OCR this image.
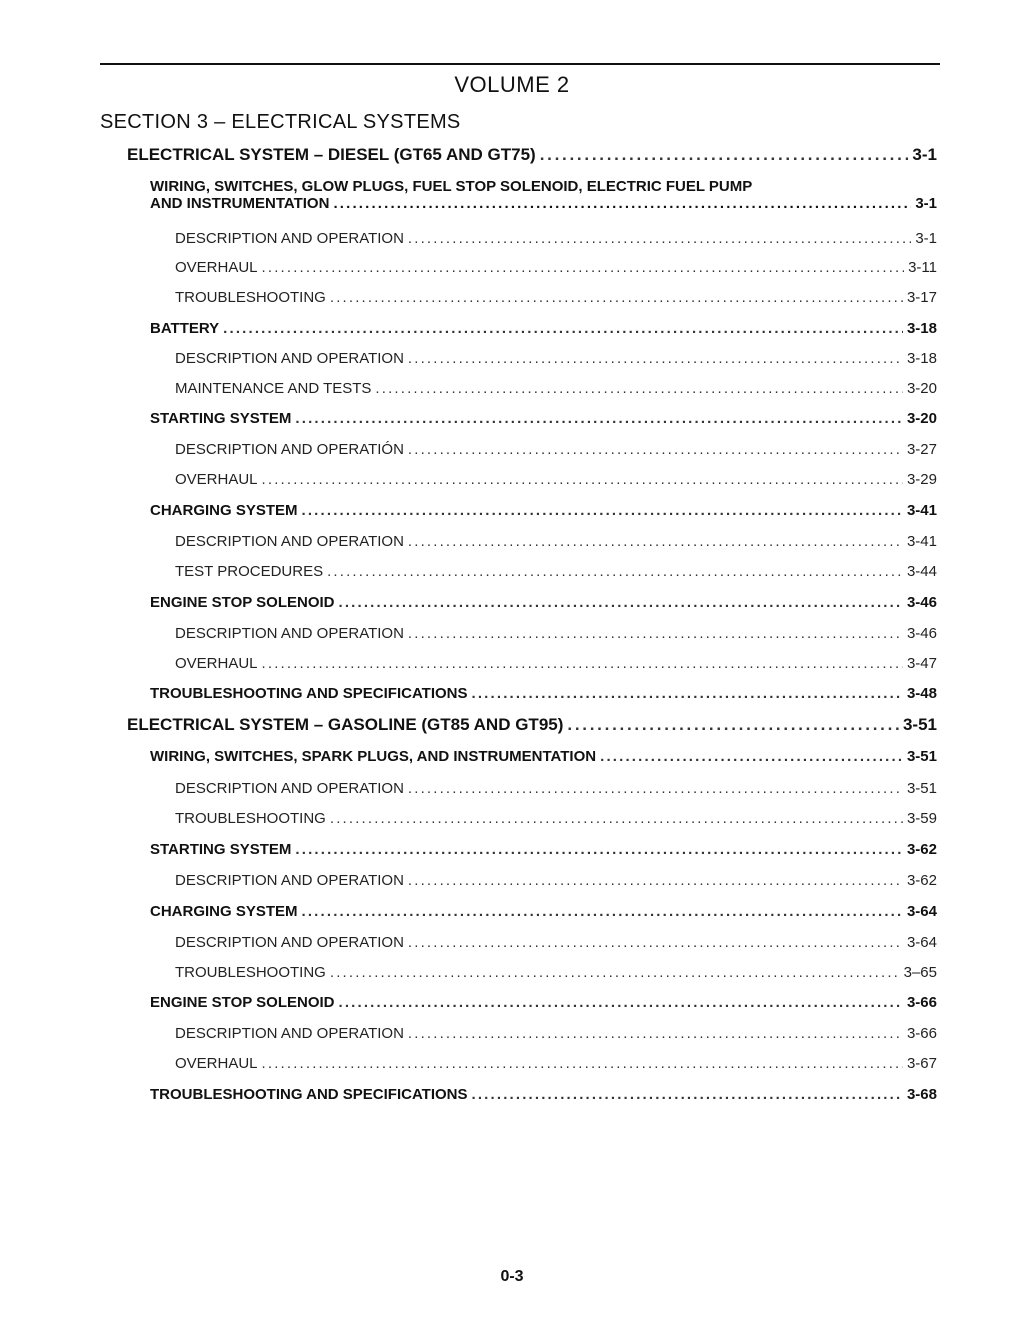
VOLUME 2
SECTION 3 – ELECTRICAL SYSTEMS
ELECTRICAL SYSTEM – DIESEL (GT65 AND GT75) . . .	3-1
WIRING, SWITCHES, GLOW PLUGS, FUEL STOP SOLENOID, ELECTRIC FUEL PUMP
AND INSTRUMENTATION . . .	3-1
DESCRIPTION AND OPERATION . . .	3-1
OVERHAUL . . .	3-11
TROUBLESHOOTING . . .	3-17
BATTERY . . .	3-18
DESCRIPTION AND OPERATION . . .	3-18
MAINTENANCE AND TESTS . . .	3-20
STARTING SYSTEM . . .	3-20
DESCRIPTION AND OPERATIÓN . . .	3-27
OVERHAUL . . .	3-29
CHARGING SYSTEM . . .	3-41
DESCRIPTION AND OPERATION . . .	3-41
TEST PROCEDURES . . .	3-44
ENGINE STOP SOLENOID . . .	3-46
DESCRIPTION AND OPERATION . . .	3-46
OVERHAUL . . .	3-47
TROUBLESHOOTING AND SPECIFICATIONS . . .	3-48
ELECTRICAL SYSTEM – GASOLINE (GT85 AND GT95) . . .	3-51
WIRING, SWITCHES, SPARK PLUGS, AND INSTRUMENTATION . . .	3-51
DESCRIPTION AND OPERATION . . .	3-51
TROUBLESHOOTING . . .	3-59
STARTING SYSTEM . . .	3-62
DESCRIPTION AND OPERATION . . .	3-62
CHARGING SYSTEM . . .	3-64
DESCRIPTION AND OPERATION . . .	3-64
TROUBLESHOOTING . . .	3–65
ENGINE STOP SOLENOID . . .	3-66
DESCRIPTION AND OPERATION . . .	3-66
OVERHAUL . . .	3-67
TROUBLESHOOTING AND SPECIFICATIONS . . .	3-68
0-3
